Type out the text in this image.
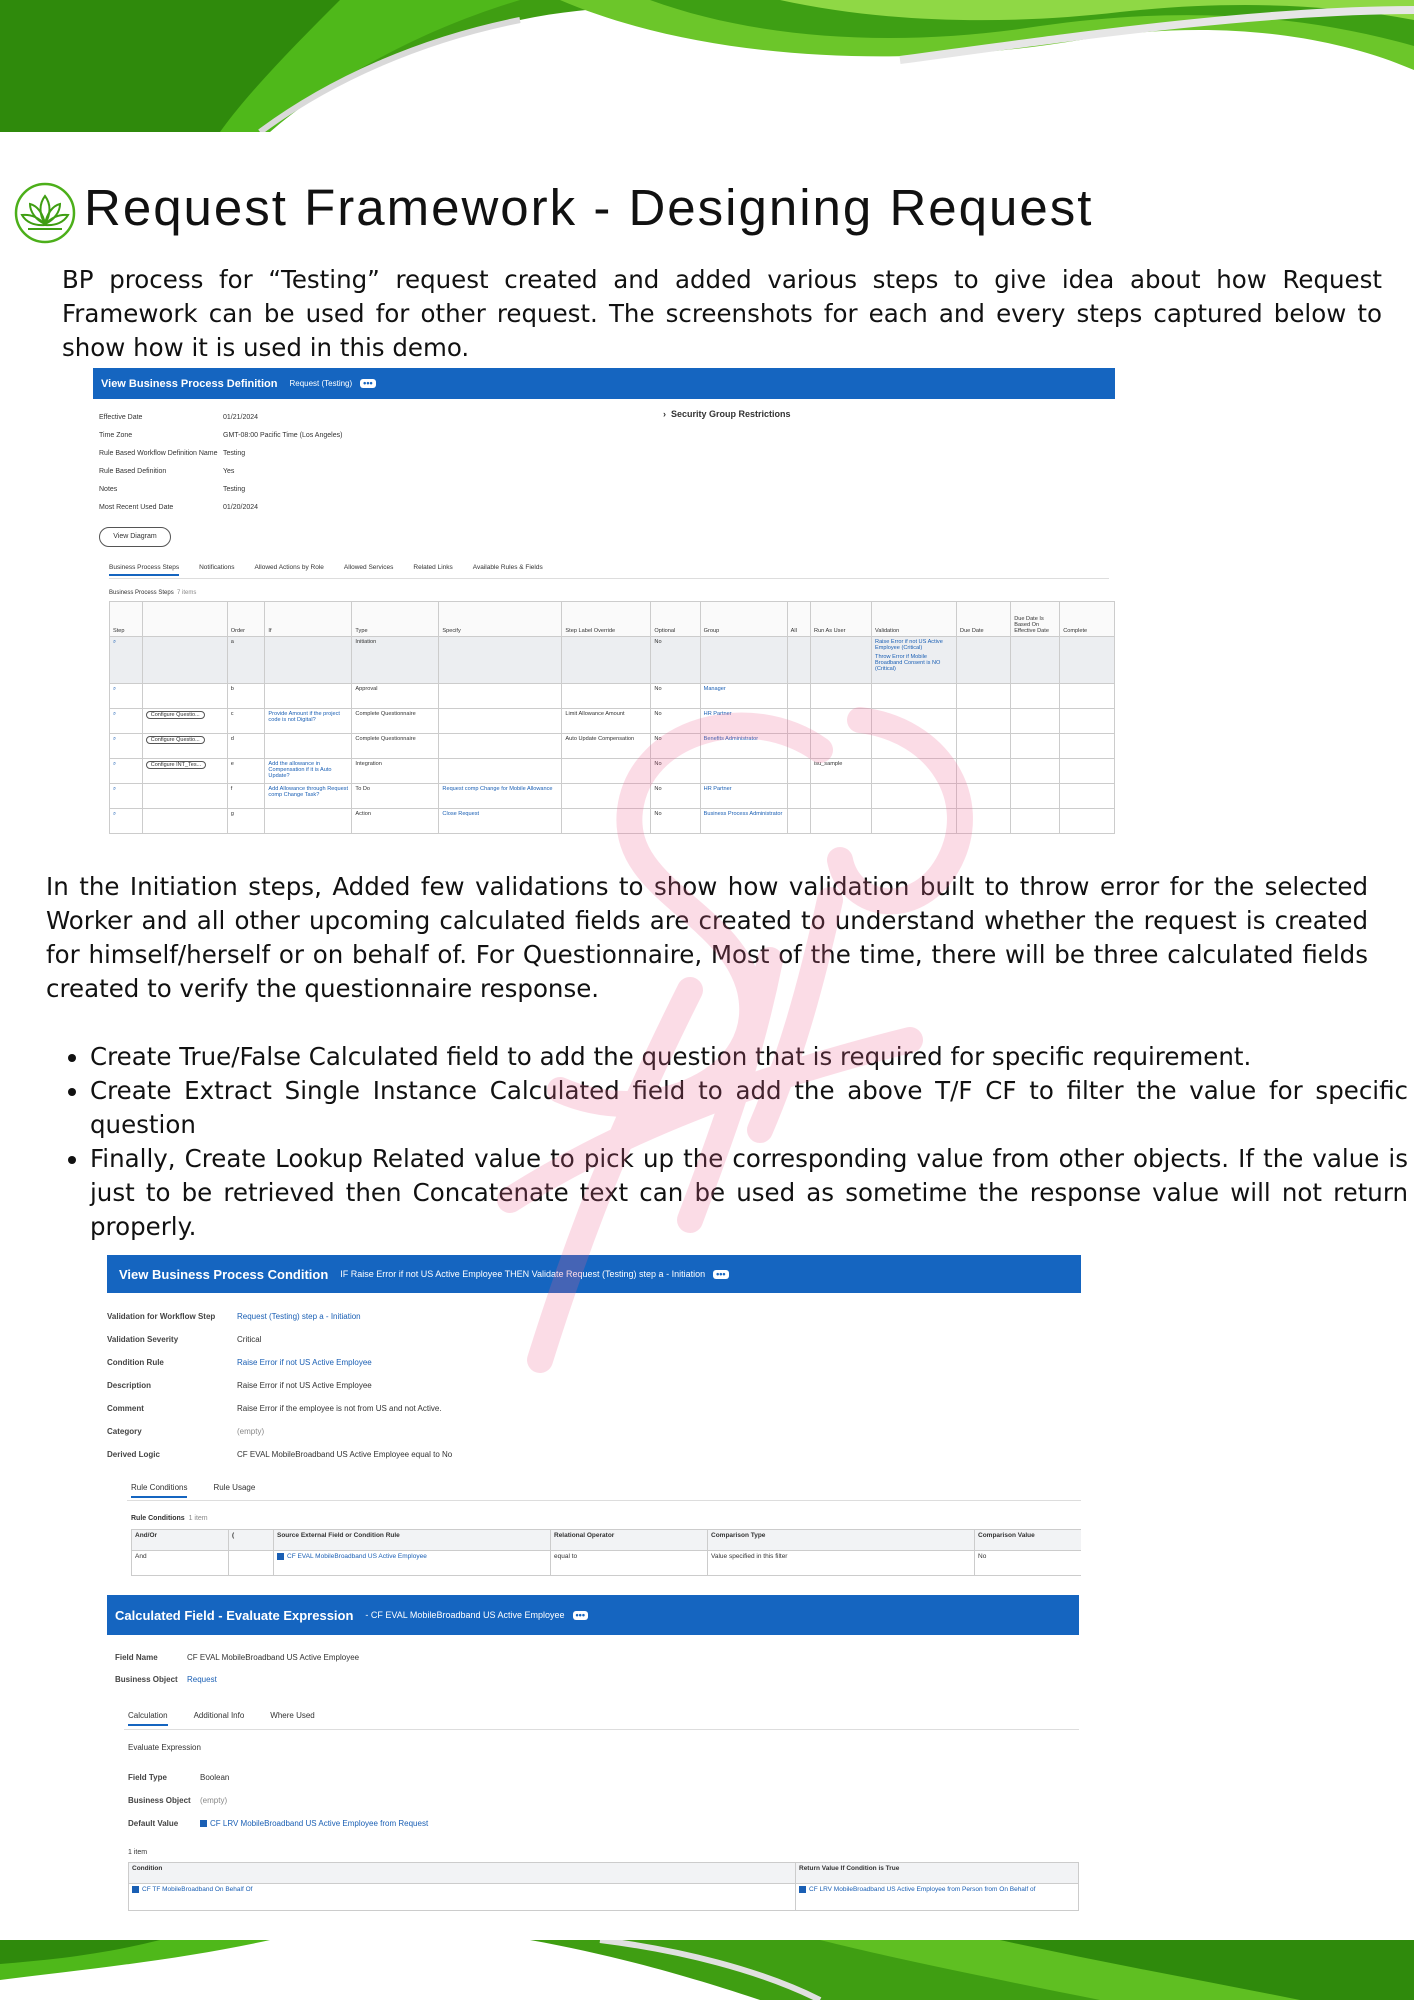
Request Framework - Designing Request

BP process for “Testing” request created and added various steps to give idea about how Request Framework can be used for other request. The screenshots for each and every steps captured below to show how it is used in this demo.

View Business Process Definition Request (Testing)	•••
Effective Date	01/21/2024
Time Zone	GMT-08:00 Pacific Time (Los Angeles)
Rule Based Workflow Definition Name Testing
Rule Based Definition	Yes
Notes	Testing
Most Recent Used Date	01/20/2024
› Security Group Restrictions
View Diagram
Business Process Steps	Notifications	Allowed Actions by Role	Allowed Services	Related Links	Available Rules & Fields
Business Process Steps 7 items
Step		Order	If	Type	Specify	Step Label Override	Optional	Group	All	Run As User	Validation	Due Date	Due Date Is Based On Effective Date	Complete
⌕		a		Initiation			No				Raise Error if not US Active Employee (Critical)
Throw Error if Mobile Broadband Consent is NO (Critical)			

⌕		b		Approval			No	Manager			

⌕	Configure Questio...	c	Provide Amount if the project code is not Digital?	Complete Questionnaire		Limit Allowance Amount	No	HR Partner			

⌕	Configure Questio...	d		Complete Questionnaire		Auto Update Compensation	No	Benefits Administrator			

⌕	Configure INT_Tes...	e	Add the allowance in Compensation if it is Auto Update?	Integration			No			isu_sample	

⌕		f	Add Allowance through Request comp Change Task?	To Do	Request comp Change for Mobile Allowance		No	HR Partner			

⌕		g		Action	Close Request		No	Business Process Administrator			

In the Initiation steps, Added few validations to show how validation built to throw error for the selected Worker and all other upcoming calculated fields are created to understand whether the request is created for himself/herself or on behalf of. For Questionnaire, Most of the time, there will be three calculated fields created to verify the questionnaire response.

• Create True/False Calculated field to add the question that is required for specific requirement.
• Create Extract Single Instance Calculated field to add the above T/F CF to filter the value for specific question
• Finally, Create Lookup Related value to pick up the corresponding value from other objects. If the value is just to be retrieved then Concatenate text can be used as sometime the response value will not return properly.
View Business Process Condition IF Raise Error if not US Active Employee THEN Validate Request (Testing) step a - Initiation	•••
Validation for Workflow Step	Request (Testing) step a - Initiation
Validation Severity	Critical
Condition Rule	Raise Error if not US Active Employee
Description	Raise Error if not US Active Employee
Comment	Raise Error if the employee is not from US and not Active.
Category	(empty)
Derived Logic	CF EVAL MobileBroadband US Active Employee equal to No
Rule Conditions	Rule Usage
Rule Conditions 1 item
And/Or	(	Source External Field or Condition Rule	Relational Operator	Comparison Type	Comparison Value
And		CF EVAL MobileBroadband US Active Employee	equal to	Value specified in this filter	No
Calculated Field - Evaluate Expression - CF EVAL MobileBroadband US Active Employee	•••
Field Name	CF EVAL MobileBroadband US Active Employee
Business Object Request
Calculation	Additional Info	Where Used
Evaluate Expression
Field Type	Boolean
Business Object (empty)
Default Value	CF LRV MobileBroadband US Active Employee from Request
1 item
Condition	Return Value If Condition is True
CF TF MobileBroadband On Behalf Of	CF LRV MobileBroadband US Active Employee from Person from On Behalf of
